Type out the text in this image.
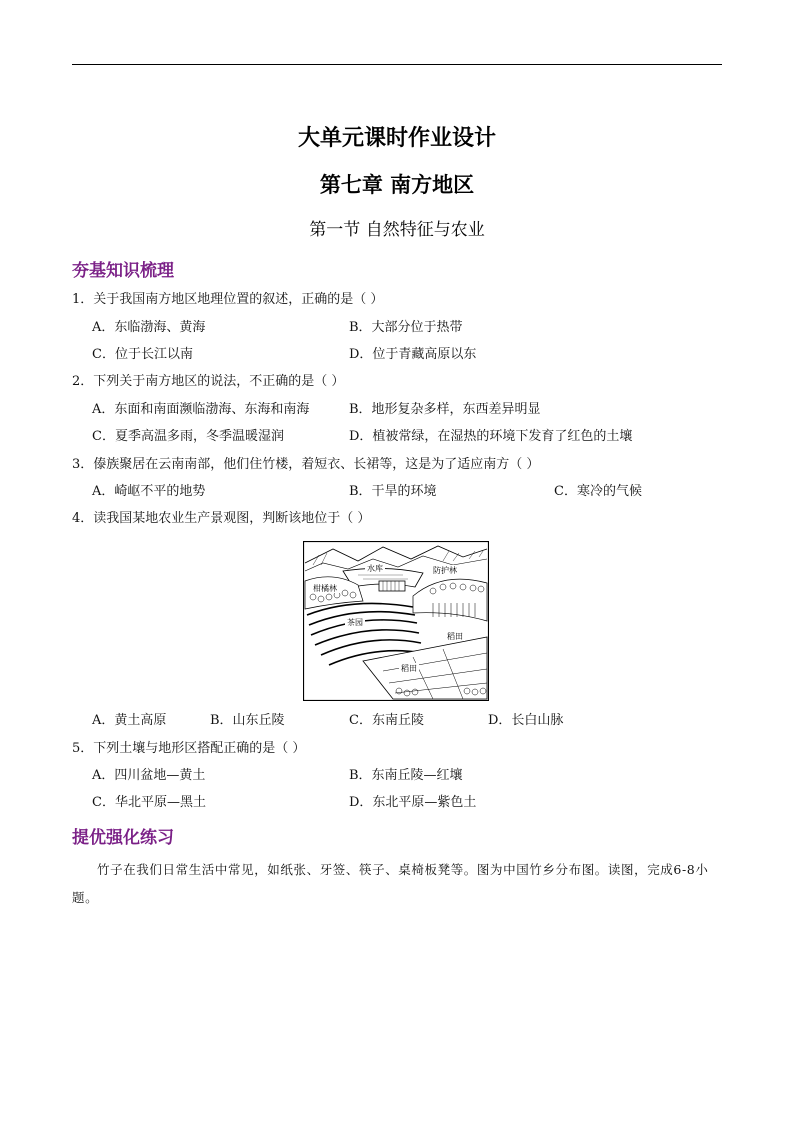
大单元课时作业设计
第七章 南方地区
第一节 自然特征与农业
夯基知识梳理
1．关于我国南方地区地理位置的叙述，正确的是（ ）
A．东临渤海、黄海	B．大部分位于热带
C．位于长江以南	D．位于青藏高原以东
2．下列关于南方地区的说法，不正确的是（ ）
A．东面和南面濒临渤海、东海和南海	B．地形复杂多样，东西差异明显
C．夏季高温多雨，冬季温暖湿润	D．植被常绿，在湿热的环境下发育了红色的土壤
3．傣族聚居在云南南部，他们住竹楼，着短衣、长裙等，这是为了适应南方（ ）
A．崎岖不平的地势	B．干旱的环境	C．寒冷的气候
4．读我国某地农业生产景观图，判断该地位于（ ）
水库	防护林
柑橘林
茶园
稻田
稻田
A．黄土高原	B．山东丘陵	C．东南丘陵	D．长白山脉
5．下列土壤与地形区搭配正确的是（ ）
A．四川盆地—黄土	B．东南丘陵—红壤
C．华北平原—黑土	D．东北平原—紫色土
提优强化练习
竹子在我们日常生活中常见，如纸张、牙签、筷子、桌椅板凳等。图为中国竹乡分布图。读图，完成6-8小题。
